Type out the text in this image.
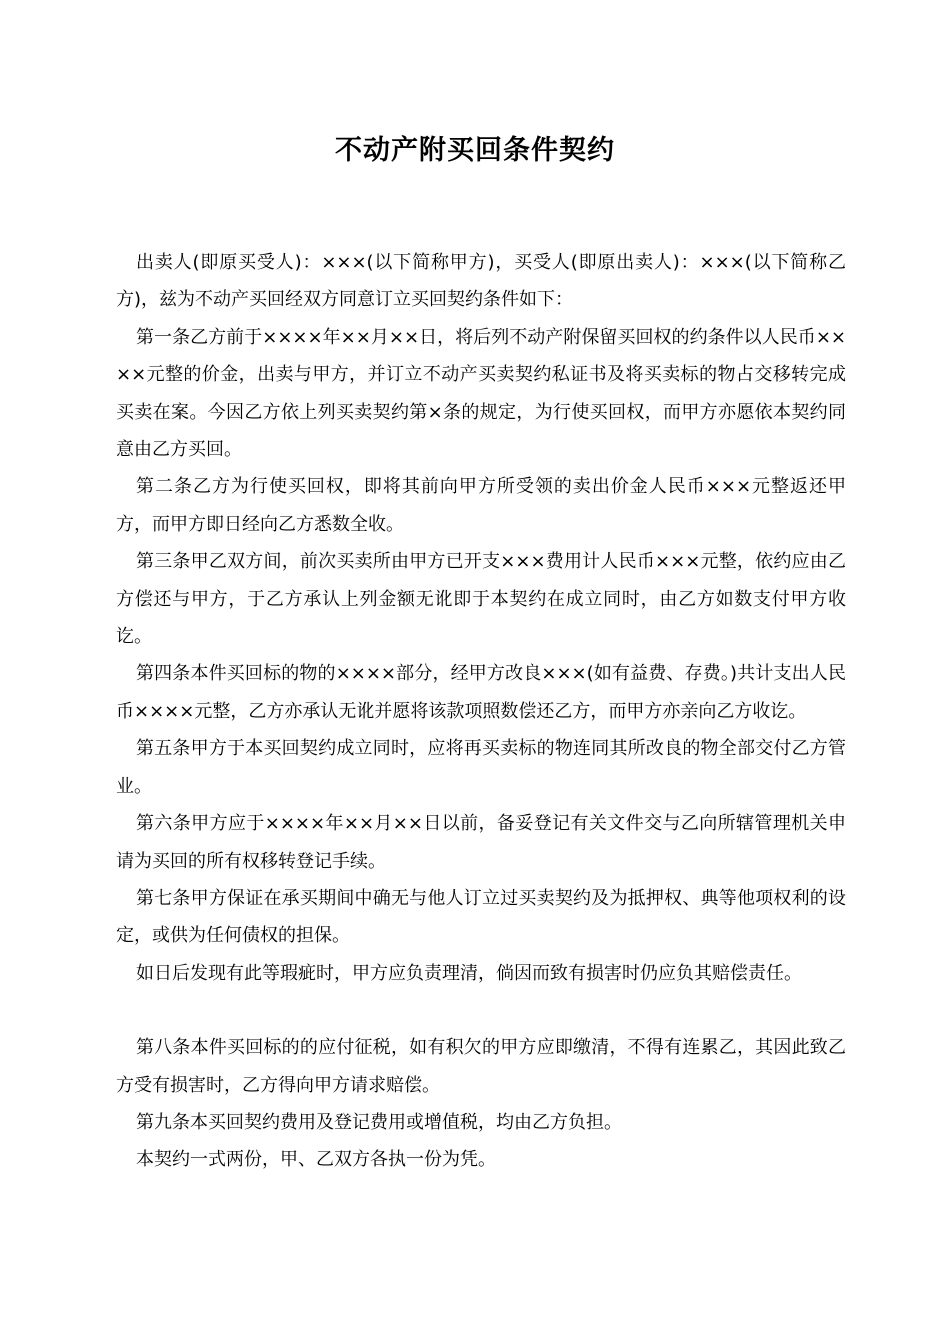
不动产附买回条件契约

出卖人(即原买受人)：×××(以下简称甲方)，买受人(即原出卖人)：×××(以下简称乙方)，兹为不动产买回经双方同意订立买回契约条件如下：

第一条乙方前于××××年××月××日，将后列不动产附保留买回权的约条件以人民币××××元整的价金，出卖与甲方，并订立不动产买卖契约私证书及将买卖标的物占交移转完成买卖在案。今因乙方依上列买卖契约第×条的规定，为行使买回权，而甲方亦愿依本契约同意由乙方买回。

第二条乙方为行使买回权，即将其前向甲方所受领的卖出价金人民币×××元整返还甲方，而甲方即日经向乙方悉数全收。

第三条甲乙双方间，前次买卖所由甲方已开支×××费用计人民币×××元整，依约应由乙方偿还与甲方，于乙方承认上列金额无讹即于本契约在成立同时，由乙方如数支付甲方收讫。

第四条本件买回标的物的××××部分，经甲方改良×××(如有益费、存费。)共计支出人民币××××元整，乙方亦承认无讹并愿将该款项照数偿还乙方，而甲方亦亲向乙方收讫。

第五条甲方于本买回契约成立同时，应将再买卖标的物连同其所改良的物全部交付乙方管业。

第六条甲方应于××××年××月××日以前，备妥登记有关文件交与乙向所辖管理机关申请为买回的所有权移转登记手续。

第七条甲方保证在承买期间中确无与他人订立过买卖契约及为抵押权、典等他项权利的设定，或供为任何债权的担保。

如日后发现有此等瑕疵时，甲方应负责理清，倘因而致有损害时仍应负其赔偿责任。

第八条本件买回标的的应付征税，如有积欠的甲方应即缴清，不得有连累乙，其因此致乙方受有损害时，乙方得向甲方请求赔偿。

第九条本买回契约费用及登记费用或增值税，均由乙方负担。

本契约一式两份，甲、乙双方各执一份为凭。
